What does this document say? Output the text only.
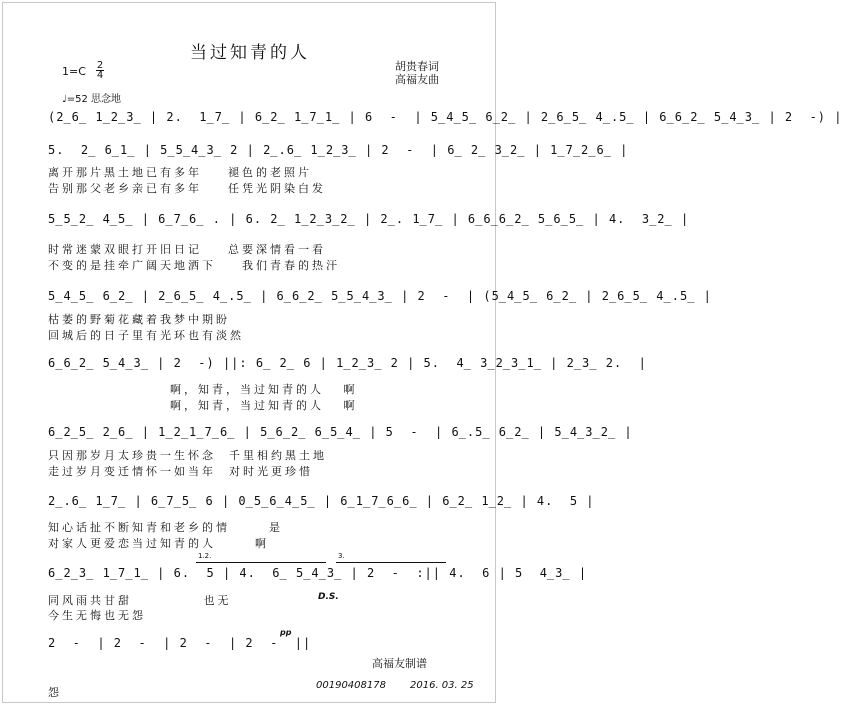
当过知青的人
胡贵春词
高福友曲
1=C 2
4
♩=52 思念地
(2̲6̲ 1̲2̲3̲ | 2.  1̲7̲ | 6̲2̲ 1̲7̲1̲ | 6  -  | 5̲4̲5̲ 6̲2̲ | 2̲6̲5̲ 4̲.5̲ | 6̲6̲2̲ 5̲4̲3̲ | 2  -) |
5.  2̲ 6̲1̲ | 5̲5̲4̲3̲ 2 | 2̲.6̲ 1̲2̲3̲ | 2  -  | 6̲ 2̲ 3̲2̲ | 1̲7̲2̲6̲ |
离开那片黑土地已有多年 褪色的老照片
告别那父老乡亲已有多年 任凭光阴染白发
5̲5̲2̲ 4̲5̲ | 6̲7̲6̲ . | 6. 2̲ 1̲2̲3̲2̲ | 2̲. 1̲7̲ | 6̲6̲6̲2̲ 5̲6̲5̲ | 4.  3̲2̲ |
时常迷蒙双眼打开旧日记 总要深情看一看
不变的是挂牵广阔天地洒下 我们青春的热汗
5̲4̲5̲ 6̲2̲ | 2̲6̲5̲ 4̲.5̲ | 6̲6̲2̲ 5̲5̲4̲3̲ | 2  -  | (5̲4̲5̲ 6̲2̲ | 2̲6̲5̲ 4̲.5̲ |
枯萎的野菊花藏着我梦中期盼
回城后的日子里有光环也有淡然
6̲6̲2̲ 5̲4̲3̲ | 2  -) ||: 6̲ 2̲ 6 | 1̲2̲3̲ 2 | 5.  4̲ 3̲2̲3̲1̲ | 2̲3̲ 2.  |
啊，知青，当过知青的人 啊
啊，知青，当过知青的人 啊
6̲2̲5̲ 2̲6̲ | 1̲2̲1̲7̲6̲ | 5̲6̲2̲ 6̲5̲4̲ | 5  -  | 6̲.5̲ 6̲2̲ | 5̲4̲3̲2̲ |
只因那岁月太珍贵一生怀念 千里相约黑土地
走过岁月变迁情怀一如当年 对时光更珍惜
2̲.6̲ 1̲7̲ | 6̲7̲5̲ 6 | 0̲5̲6̲4̲5̲ | 6̲1̲7̲6̲6̲ | 6̲2̲ 1̲2̲ | 4.  5 |
知心话扯不断知青和老乡的情	是
对家人更爱恋当过知青的人	啊
1.2.	3.
6̲2̲3̲ 1̲7̲1̲ | 6.  5 | 4.  6̲ 5̲4̲3̲ | 2  -  :|| 4.  6 | 5  4̲3̲ |
同风雨共甘甜	也无	D.S.
今生无悔也无怨
pp
2  -  | 2  -  | 2  -  | 2  -  ||
怨
高福友制谱
00190408178 2016. 03. 25
